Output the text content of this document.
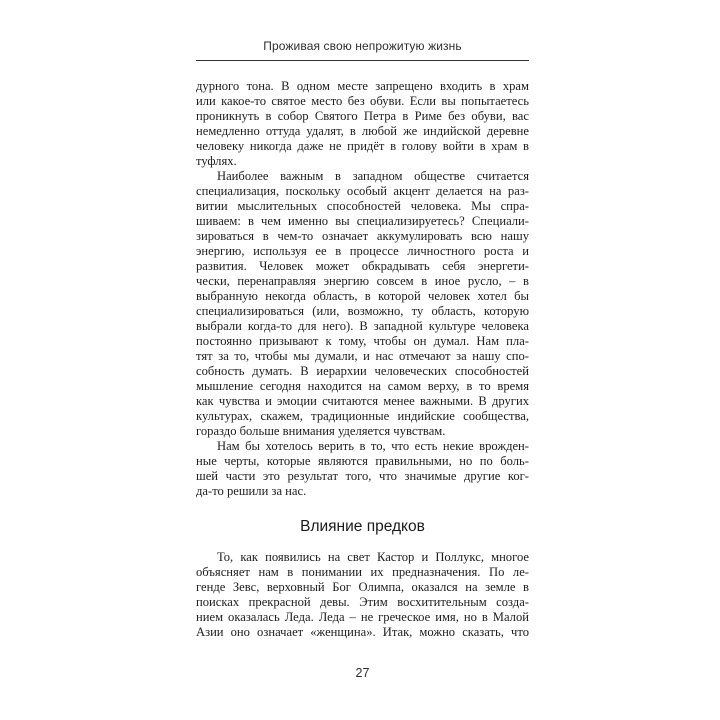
Проживая свою непрожитую жизнь
дурного тона. В одном месте запрещено входить в храм
или какое-то святое место без обуви. Если вы попытаетесь
проникнуть в собор Святого Петра в Риме без обуви, вас
немедленно оттуда удалят, в любой же индийской деревне
человеку никогда даже не придёт в голову войти в храм в
туфлях.
Наиболее важным в западном обществе считается
специализация, поскольку особый акцент делается на раз-
витии мыслительных способностей человека. Мы спра-
шиваем: в чем именно вы специализируетесь? Специали-
зироваться в чем-то означает аккумулировать всю нашу
энергию, используя ее в процессе личностного роста и
развития. Человек может обкрадывать себя энергети-
чески, перенаправляя энергию совсем в иное русло, – в
выбранную некогда область, в которой человек хотел бы
специализироваться (или, возможно, ту область, которую
выбрали когда-то для него). В западной культуре человека
постоянно призывают к тому, чтобы он думал. Нам пла-
тят за то, чтобы мы думали, и нас отмечают за нашу спо-
собность думать. В иерархии человеческих способностей
мышление сегодня находится на самом верху, в то время
как чувства и эмоции считаются менее важными. В других
культурах, скажем, традиционные индийские сообщества,
гораздо больше внимания уделяется чувствам.
Нам бы хотелось верить в то, что есть некие врожден-
ные черты, которые являются правильными, но по боль-
шей части это результат того, что значимые другие ког-
да-то решили за нас.
Влияние предков
То, как появились на свет Кастор и Поллукс, многое
объясняет нам в понимании их предназначения. По ле-
генде Зевс, верховный Бог Олимпа, оказался на земле в
поисках прекрасной девы. Этим восхитительным созда-
нием оказалась Леда. Леда – не греческое имя, но в Малой
Азии оно означает «женщина». Итак, можно сказать, что
27
